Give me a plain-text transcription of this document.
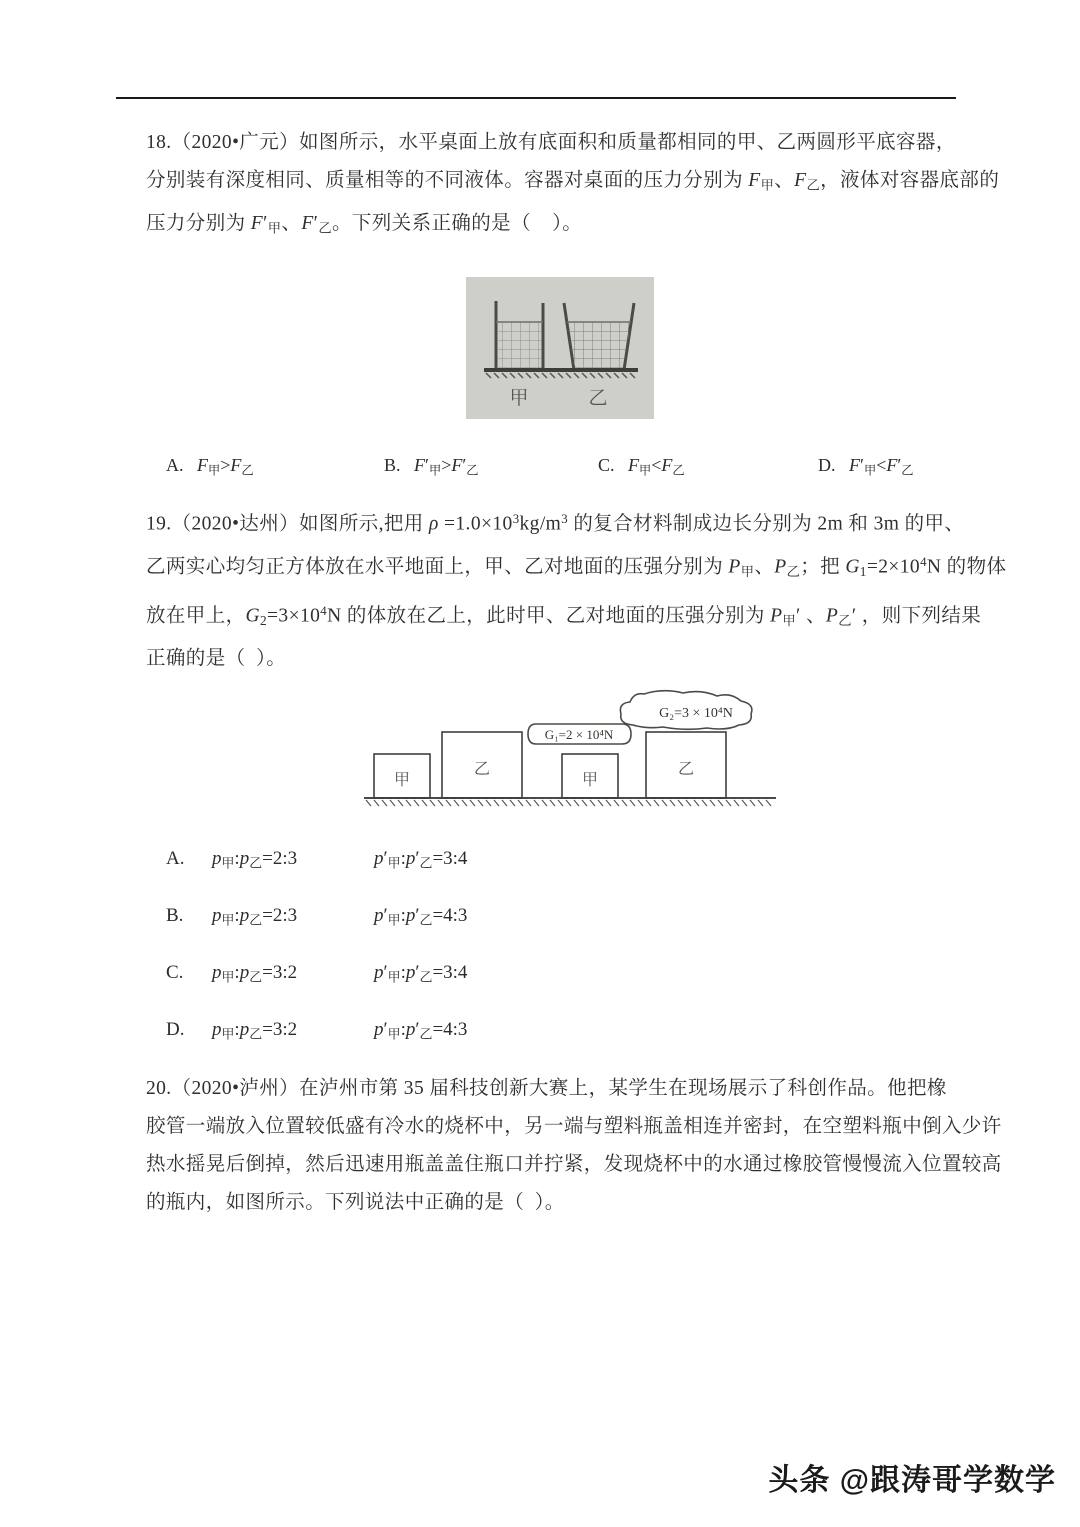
18.（2020•广元）如图所示，水平桌面上放有底面积和质量都相同的甲、乙两圆形平底容器，
分别装有深度相同、质量相等的不同液体。容器对桌面的压力分别为 $F_甲$、$F_乙$，液体对容器底部的
压力分别为 $F'_甲$、$F'_乙$。下列关系正确的是（    ）。
甲	乙
A. $F_甲>F_乙$	B. $F'_甲>F'_乙$	C. $F_甲<F_乙$	D. $F'_甲<F'_乙$
19.（2020•达州）如图所示,把用 $\rho =1.0\times 10^3kg/m^3$ 的复合材料制成边长分别为 2m 和 3m 的甲、
乙两实心均匀正方体放在水平地面上，甲、乙对地面的压强分别为 $P_甲$、$P_乙$；把 $G_1=2\times 10^4N$ 的物体
放在甲上，$G_2=3\times 10^4N$ 的体放在乙上，此时甲、乙对地面的压强分别为 $P_甲'$ 、$P_乙'$ ，则下列结果
正确的是（  ）。
甲
乙
甲
乙
G₁=2 × 10⁴N
G₂=3 × 10⁴N
A. $p_甲:p_乙=2:3$	$p'_甲:p'_乙=3:4$
B. $p_甲:p_乙=2:3$	$p'_甲:p'_乙=4:3$
C. $p_甲:p_乙=3:2$	$p'_甲:p'_乙=3:4$
D. $p_甲:p_乙=3:2$	$p'_甲:p'_乙=4:3$
20.（2020•泸州）在泸州市第 35 届科技创新大赛上，某学生在现场展示了科创作品。他把橡
胶管一端放入位置较低盛有冷水的烧杯中，另一端与塑料瓶盖相连并密封，在空塑料瓶中倒入少许
热水摇晃后倒掉，然后迅速用瓶盖盖住瓶口并拧紧，发现烧杯中的水通过橡胶管慢慢流入位置较高
的瓶内，如图所示。下列说法中正确的是（  ）。
头条 @跟涛哥学数学
